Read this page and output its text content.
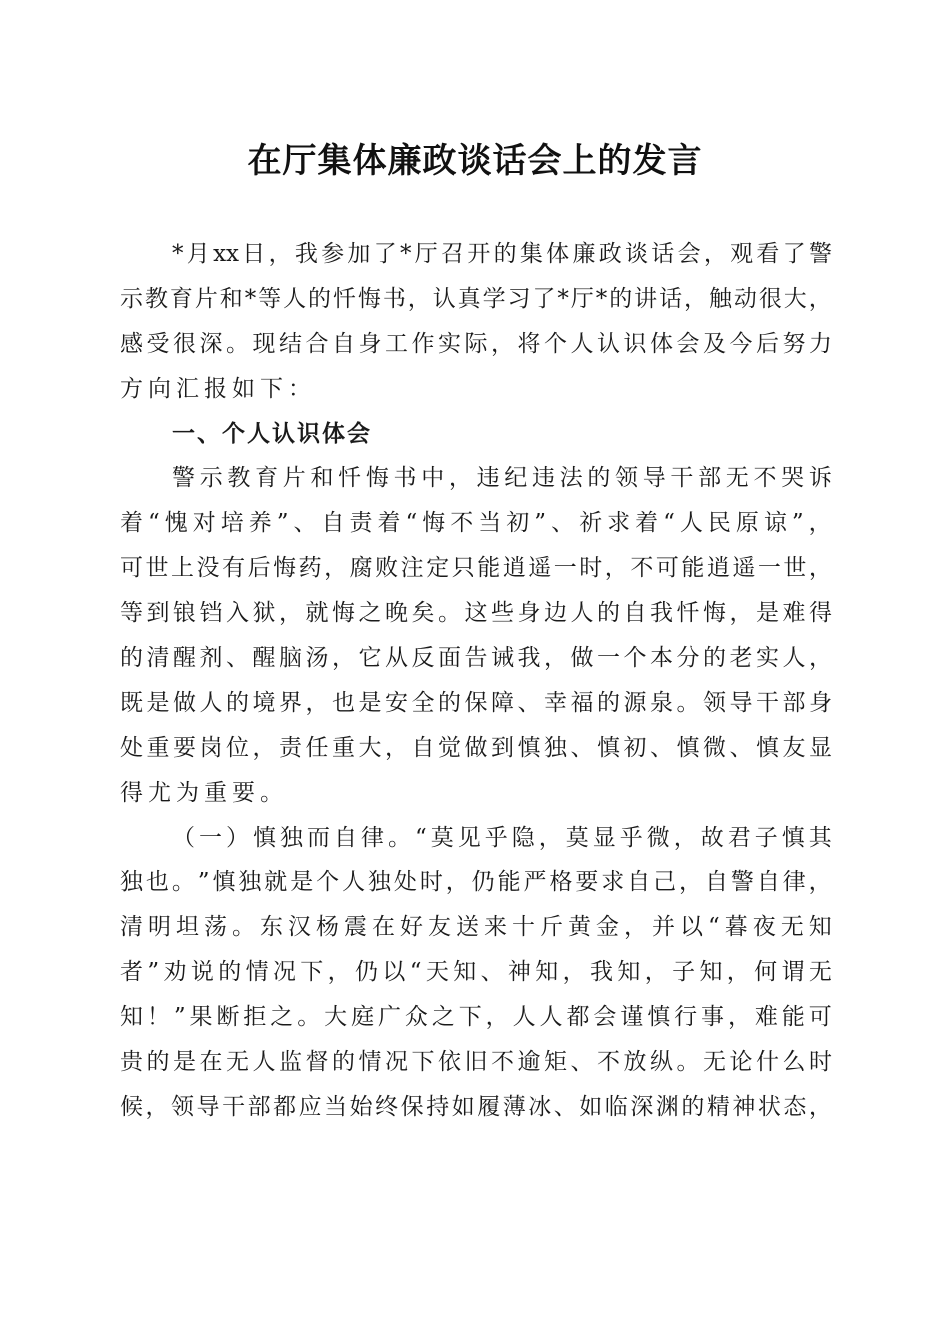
在厅集体廉政谈话会上的发言
* 月 xx 日 ， 我 参 加 了 * 厅 召 开 的 集 体 廉 政 谈 话 会 ， 观 看 了 警
示 教 育 片 和 * 等 人 的 忏 悔 书 ， 认 真 学 习 了 * 厅 * 的 讲 话 ， 触 动 很 大 ，
感 受 很 深 。 现 结 合 自 身 工 作 实 际 ， 将 个 人 认 识 体 会 及 今 后 努 力
方向汇报如下：
一、个人认识体会
警 示 教 育 片 和 忏 悔 书 中 ， 违 纪 违 法 的 领 导 干 部 无 不 哭 诉
着 “ 愧 对 培 养 ” 、 自 责 着 “ 悔 不 当 初 ” 、 祈 求 着 “ 人 民 原 谅 ” ，
可 世 上 没 有 后 悔 药 ， 腐 败 注 定 只 能 逍 遥 一 时 ， 不 可 能 逍 遥 一 世 ，
等 到 锒 铛 入 狱 ， 就 悔 之 晚 矣 。 这 些 身 边 人 的 自 我 忏 悔 ， 是 难 得
的 清 醒 剂 、 醒 脑 汤 ， 它 从 反 面 告 诫 我 ， 做 一 个 本 分 的 老 实 人 ，
既 是 做 人 的 境 界 ， 也 是 安 全 的 保 障 、 幸 福 的 源 泉 。 领 导 干 部 身
处 重 要 岗 位 ， 责 任 重 大 ， 自 觉 做 到 慎 独 、 慎 初 、 慎 微 、 慎 友 显
得尤为重要。
（ 一 ） 慎 独 而 自 律 。 “ 莫 见 乎 隐 ， 莫 显 乎 微 ， 故 君 子 慎 其
独 也 。 ” 慎 独 就 是 个 人 独 处 时 ， 仍 能 严 格 要 求 自 己 ， 自 警 自 律 ，
清 明 坦 荡 。 东 汉 杨 震 在 好 友 送 来 十 斤 黄 金 ， 并 以 “ 暮 夜 无 知
者 ” 劝 说 的 情 况 下 ， 仍 以 “ 天 知 、 神 知 ， 我 知 ， 子 知 ， 何 谓 无
知 ！ ” 果 断 拒 之 。 大 庭 广 众 之 下 ， 人 人 都 会 谨 慎 行 事 ， 难 能 可
贵 的 是 在 无 人 监 督 的 情 况 下 依 旧 不 逾 矩 、 不 放 纵 。 无 论 什 么 时
候 ， 领 导 干 部 都 应 当 始 终 保 持 如 履 薄 冰 、 如 临 深 渊 的 精 神 状 态 ，
